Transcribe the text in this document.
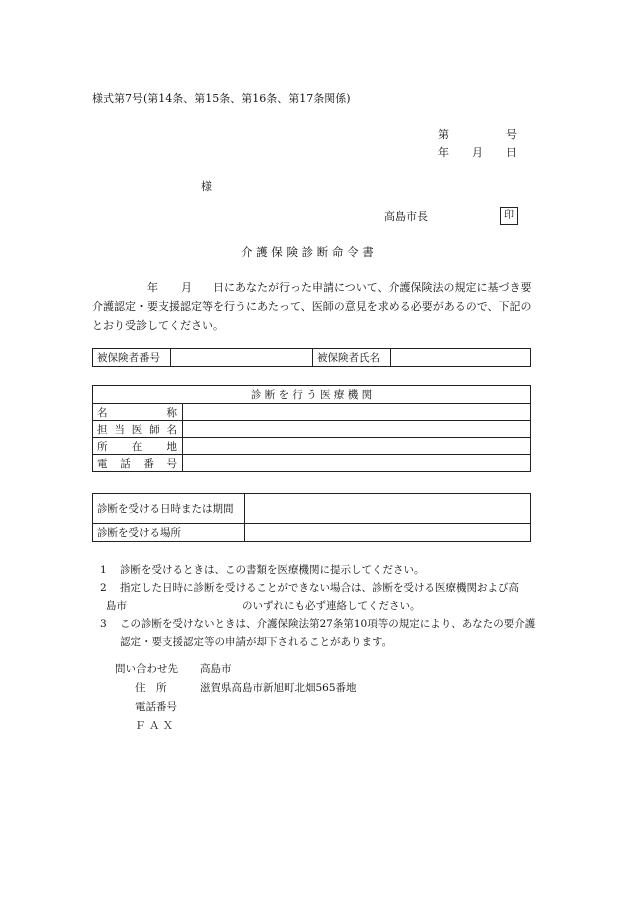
様式第7号(第14条、第15条、第16条、第17条関係)
第	号
年 月 日
様
高島市長	印
介 護 保 険 診 断 命 令 書
年 月 日にあなたが行った申請について、介護保険法の規定に基づき要
介護認定・要支援認定等を行うにあたって、医師の意見を求める必要があるので、下記の
とおり受診してください。
被保険者番号		被保険者氏名	
診 断 を 行 う 医 療 機 関	

名 称	

担 当 医 師 名	

所 在 地	

電 話 番 号	

診断を受ける日時または期間	
診断を受ける場所	
1 診断を受けるときは、この書類を医療機関に提示してください。
2 指定した日時に診断を受けることができない場合は、診断を受ける医療機関および高
島市	のいずれにも必ず連絡してください。
3 この診断を受けないときは、介護保険法第27条第10項等の規定により、あなたの要介護認定・要支援認定等の申請が却下されることがあります。
問い合わせ先 高島市
住　所	滋賀県高島市新旭町北畑565番地
電話番号
Ｆ Ａ Ｘ
